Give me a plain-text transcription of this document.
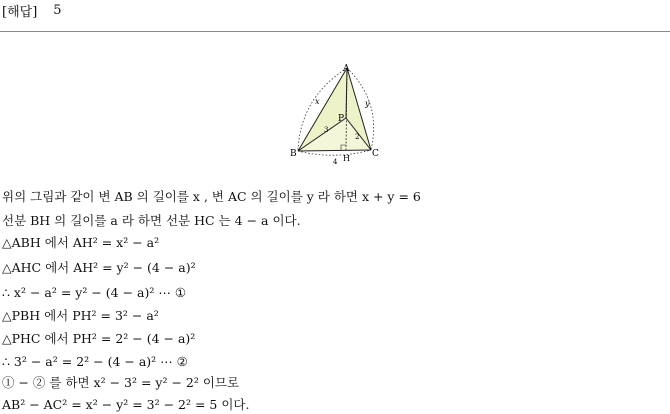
[해답] 5
A
B	C
P
H
x	y
3
2
4
위의 그림과 같이 변 AB 의 길이를 x , 변 AC 의 길이를 y 라 하면 x + y = 6
선분 BH 의 길이를 a 라 하면 선분 HC 는 4 − a 이다.
△ABH 에서 AH² = x² − a²
△AHC 에서 AH² = y² − (4 − a)²
∴ x² − a² = y² − (4 − a)² ⋯ ①
△PBH 에서 PH² = 3² − a²
△PHC 에서 PH² = 2² − (4 − a)²
∴ 3² − a² = 2² − (4 − a)² ⋯ ②
① − ② 를 하면 x² − 3² = y² − 2² 이므로
AB² − AC² = x² − y² = 3² − 2² = 5 이다.
